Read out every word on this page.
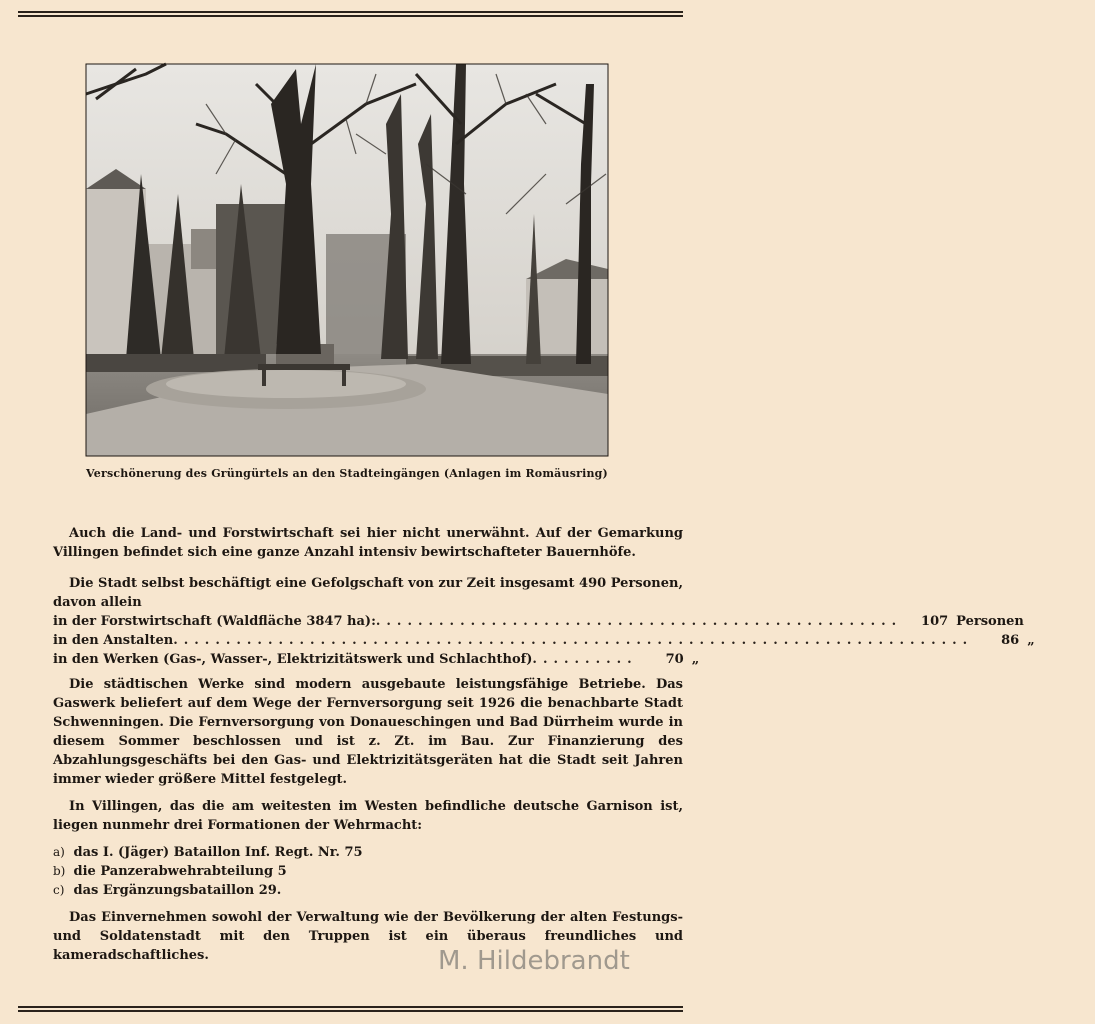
Verschönerung des Grüngürtels an den Stadteingängen (Anlagen im Romäusring)

Auch die Land- und Forstwirtschaft sei hier nicht unerwähnt. Auf der Gemarkung Villingen befindet sich eine ganze Anzahl intensiv bewirtschafteter Bauernhöfe.

Die Stadt selbst beschäftigt eine Gefolgschaft von zur Zeit insgesamt 490 Personen, davon allein

in der Forstwirtschaft (Waldfläche 3847 ha): ..................................................	107 Personen
in den Anstalten ............................................................................	86 „
in den Werken (Gas-, Wasser-, Elektrizitätswerk und Schlachthof) ..........	70 „

Die städtischen Werke sind modern ausgebaute leistungsfähige Betriebe. Das Gaswerk beliefert auf dem Wege der Fernversorgung seit 1926 die benachbarte Stadt Schwenningen. Die Fernversorgung von Donaueschingen und Bad Dürrheim wurde in diesem Sommer beschlossen und ist z. Zt. im Bau. Zur Finanzierung des Abzahlungsgeschäfts bei den Gas- und Elektrizitätsgeräten hat die Stadt seit Jahren immer wieder größere Mittel festgelegt.

In Villingen, das die am weitesten im Westen befindliche deutsche Garnison ist, liegen nunmehr drei Formationen der Wehrmacht:

a) das I. (Jäger) Bataillon Inf. Regt. Nr. 75
b) die Panzerabwehrabteilung 5
c) das Ergänzungsbataillon 29.

Das Einvernehmen sowohl der Verwaltung wie der Bevölkerung der alten Festungs- und Soldatenstadt mit den Truppen ist ein überaus freundliches und kameradschaftliches.	M. Hildebrandt
